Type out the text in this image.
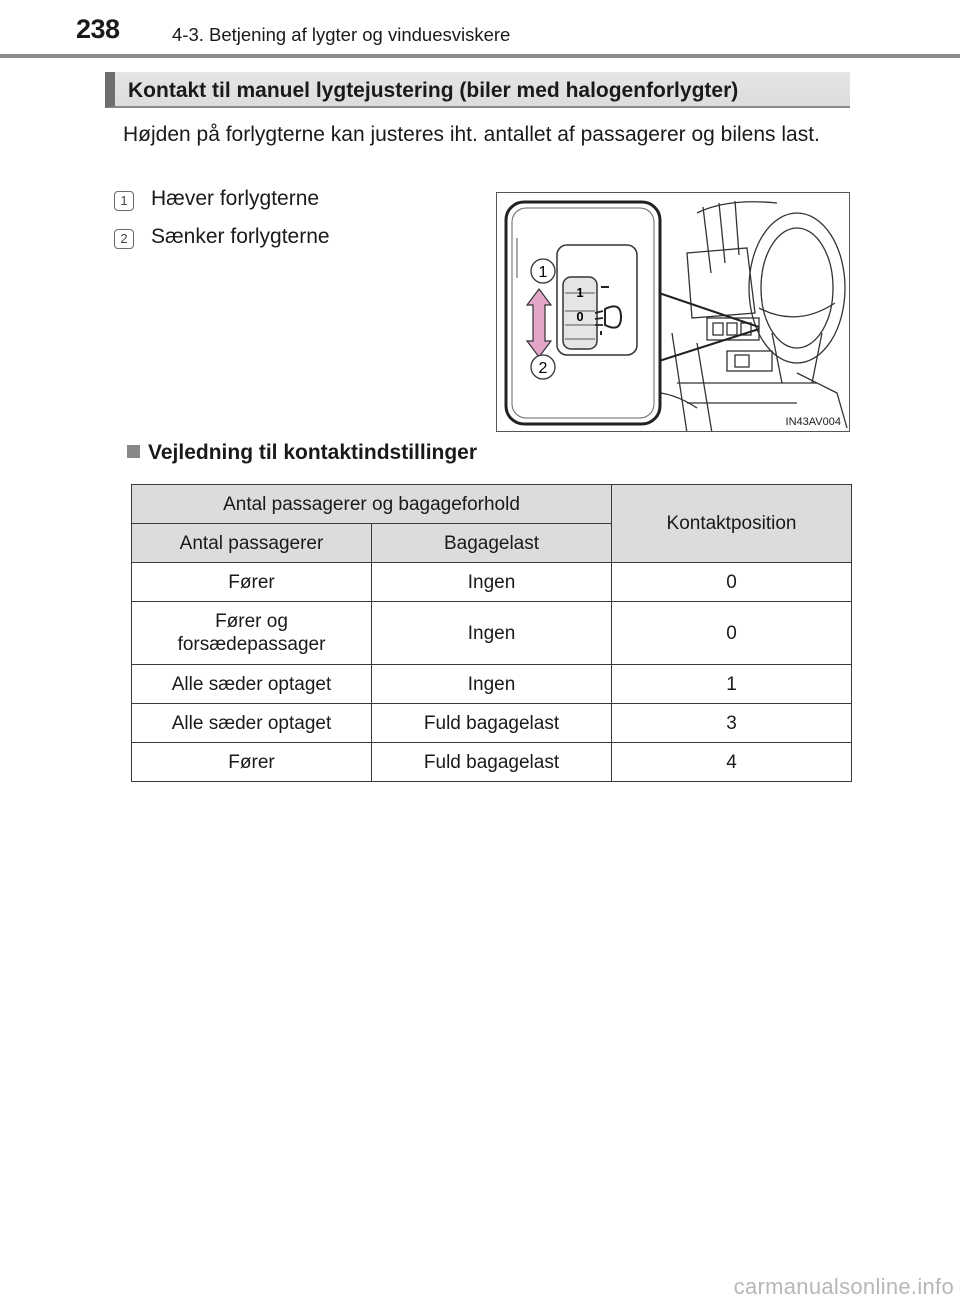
238	4-3. Betjening af lygter og vinduesviskere
Kontakt til manuel lygtejustering (biler med halogenforlygter)
Højden på forlygterne kan justeres iht. antallet af passagerer og bilens last.
1	Hæver forlygterne
2	Sænker forlygterne
1
2
1
0
IN43AV004
Vejledning til kontaktindstillinger
Antal passagerer og bagageforhold		Kontaktposition
Antal passagerer	Bagagelast	
Fører	Ingen	0
Fører og forsædepassager	Ingen	0
Alle sæder optaget	Ingen	1
Alle sæder optaget	Fuld bagagelast	3
Fører	Fuld bagagelast	4
carmanualsonline.info
